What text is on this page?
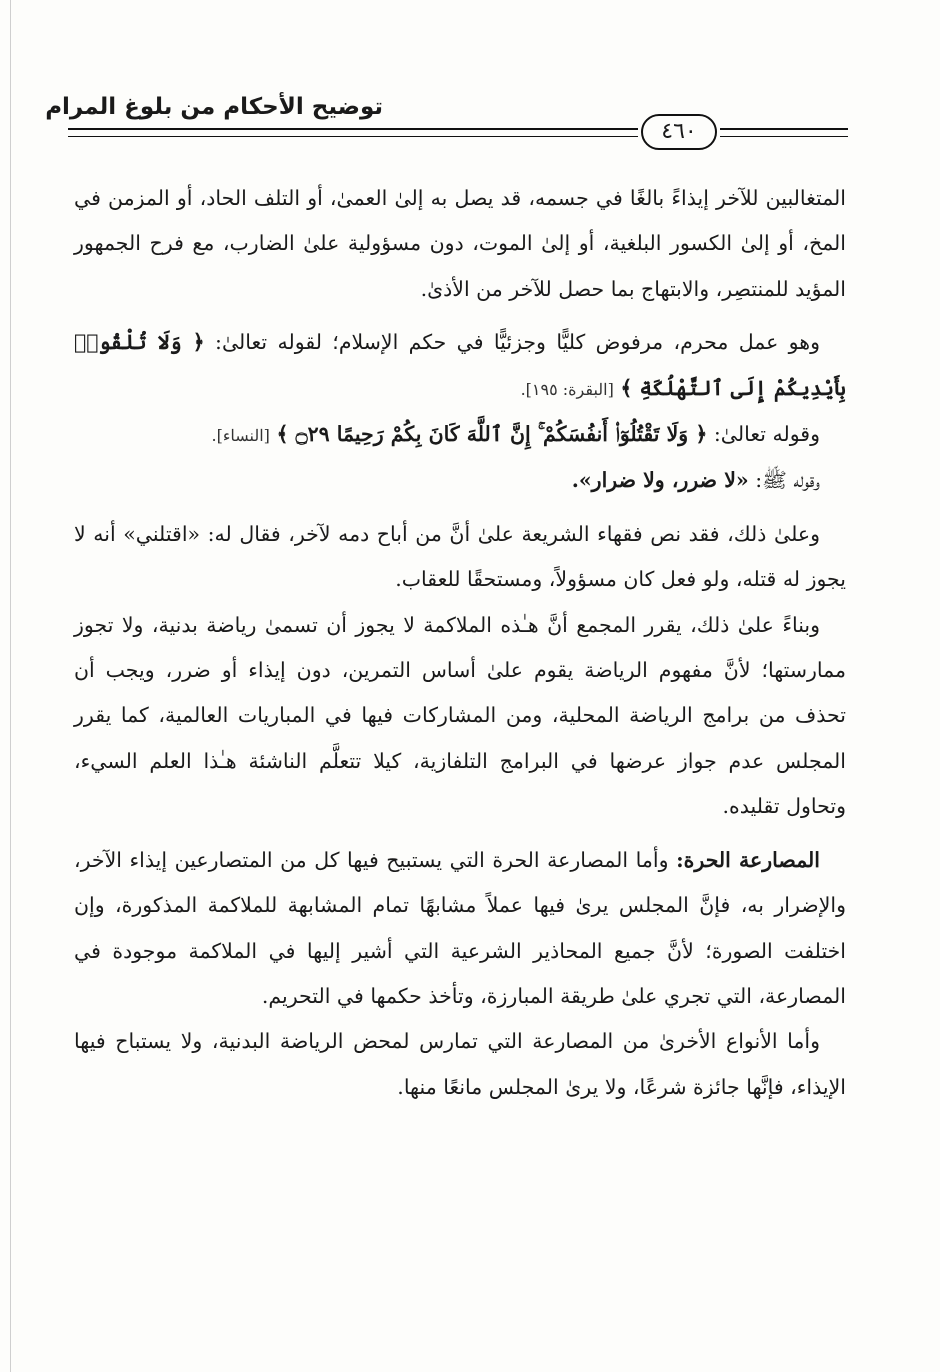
توضيح الأحكام من بلوغ المرام
٤٦٠

المتغالبين للآخر إيذاءً بالغًا في جسمه، قد يصل به إلىٰ العمىٰ، أو التلف الحاد، أو المزمن في المخ، أو إلىٰ الكسور البلغية، أو إلىٰ الموت، دون مسؤولية علىٰ الضارب، مع فرح الجمهور المؤيد للمنتصِر، والابتهاج بما حصل للآخر من الأذىٰ.

وهو عمل محرم، مرفوض كليًّا وجزئيًّا في حكم الإسلام؛ لقوله تعالىٰ: ﴿ وَلَا تُلْقُوا۟ بِأَيْدِيكُمْ إِلَى ٱلتَّهْلُكَةِ ﴾ [البقرة: ١٩٥].

وقوله تعالىٰ: ﴿ وَلَا تَقْتُلُوٓا۟ أَنفُسَكُمْ ۚ إِنَّ ٱللَّهَ كَانَ بِكُمْ رَحِيمًا ۝٢٩ ﴾ [النساء].

وقوله ﷺ: «لا ضرر، ولا ضرار».

وعلىٰ ذلك، فقد نص فقهاء الشريعة علىٰ أنَّ من أباح دمه لآخر، فقال له: «اقتلني» أنه لا يجوز له قتله، ولو فعل كان مسؤولاً، ومستحقًا للعقاب.

وبناءً علىٰ ذلك، يقرر المجمع أنَّ هـٰذه الملاكمة لا يجوز أن تسمىٰ رياضة بدنية، ولا تجوز ممارستها؛ لأنَّ مفهوم الرياضة يقوم علىٰ أساس التمرين، دون إيذاء أو ضرر، ويجب أن تحذف من برامج الرياضة المحلية، ومن المشاركات فيها في المباريات العالمية، كما يقرر المجلس عدم جواز عرضها في البرامج التلفازية، كيلا تتعلَّم الناشئة هـٰذا العلم السيء، وتحاول تقليده.

المصارعة الحرة: وأما المصارعة الحرة التي يستبيح فيها كل من المتصارعين إيذاء الآخر، والإضرار به، فإنَّ المجلس يرىٰ فيها عملاً مشابهًا تمام المشابهة للملاكمة المذكورة، وإن اختلفت الصورة؛ لأنَّ جميع المحاذير الشرعية التي أشير إليها في الملاكمة موجودة في المصارعة، التي تجري علىٰ طريقة المبارزة، وتأخذ حكمها في التحريم.

وأما الأنواع الأخرىٰ من المصارعة التي تمارس لمحض الرياضة البدنية، ولا يستباح فيها الإيذاء، فإنَّها جائزة شرعًا، ولا يرىٰ المجلس مانعًا منها.
